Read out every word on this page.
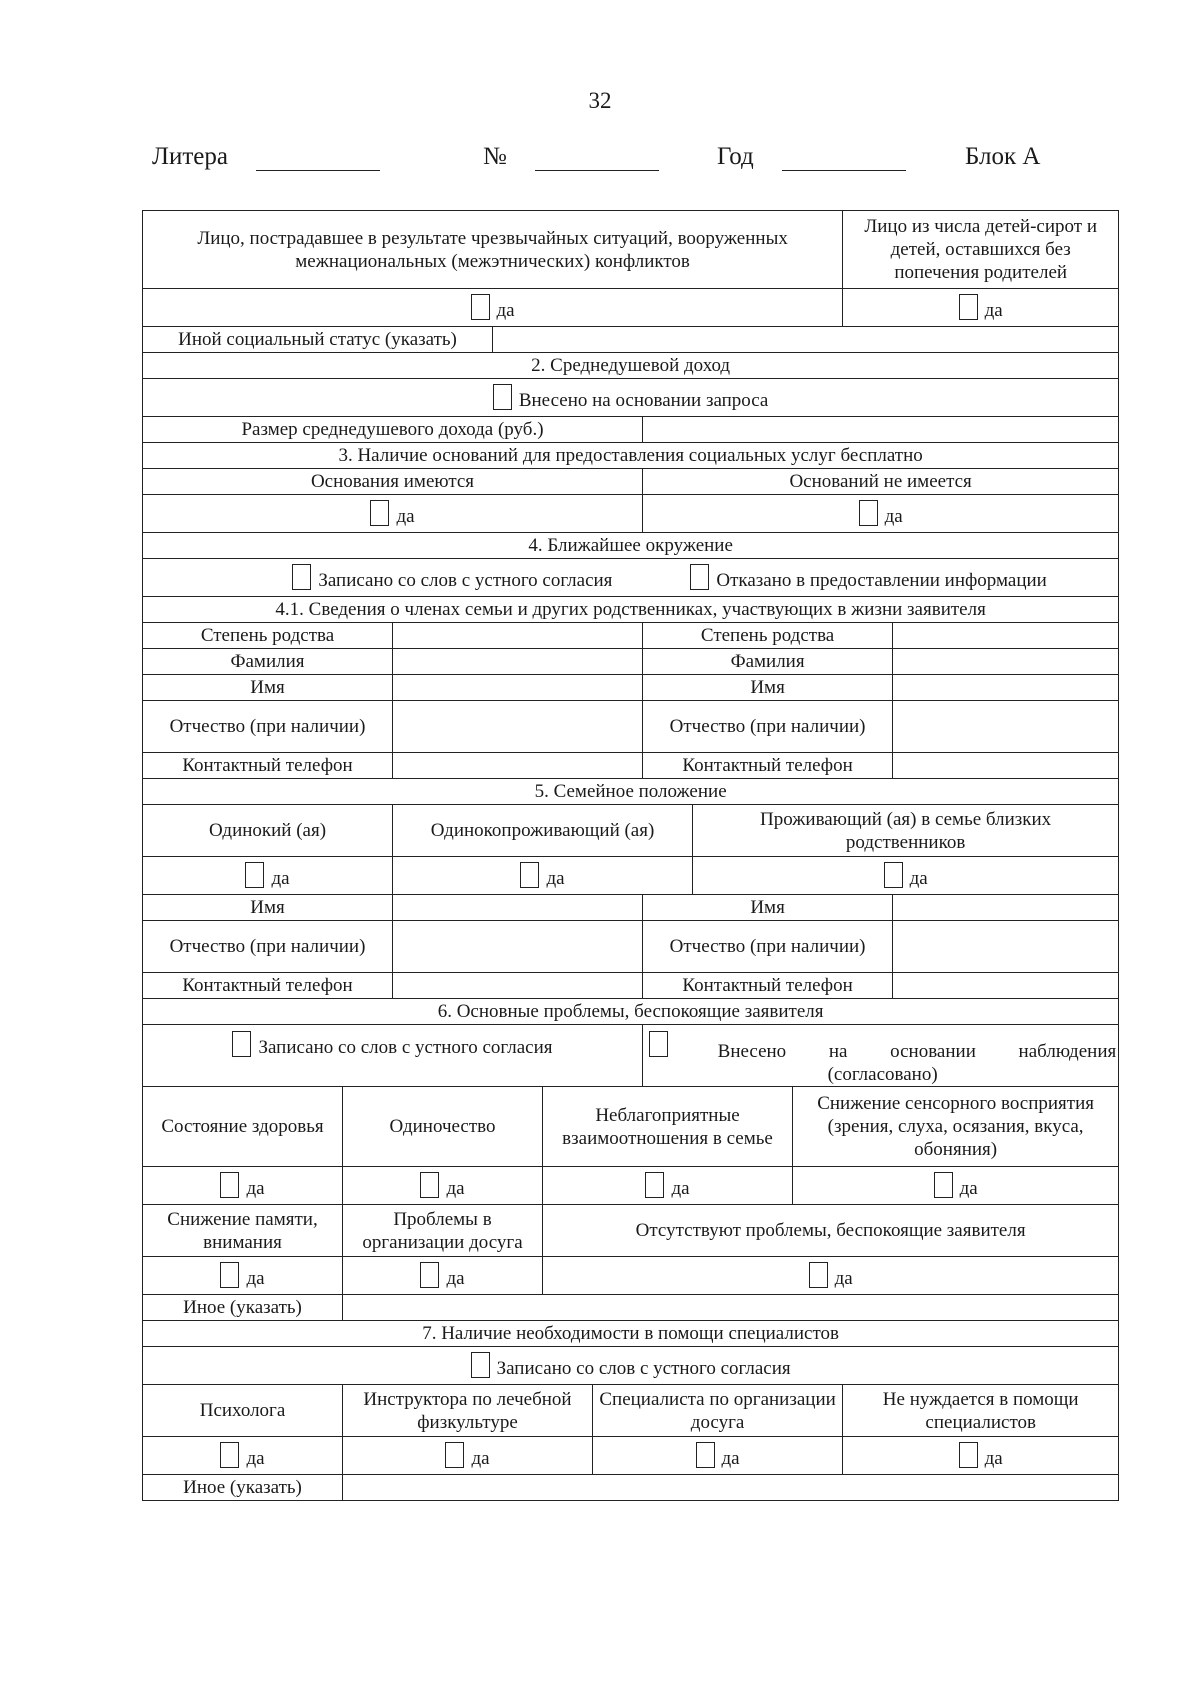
32
Литера	№	Год	Блок А
Лицо, пострадавшее в результате чрезвычайных ситуаций, вооруженных межнациональных (межэтнических) конфликтов									Лицо из числа детей-сирот и детей, оставшихся без попечения родителей	
да									да	
Иной социальный статус (указать)										
2. Среднедушевой доход										
Внесено на основании запроса										
Размер среднедушевого дохода (руб.)										
3. Наличие оснований для предоставления социальных услуг бесплатно										
Основания имеются						Оснований не имеется				
да						да				
4. Ближайшее окружение										
Записано со слов с устного согласия Отказано в предоставлении информации										
4.1. Сведения о членах семьи и других родственниках, участвующих в жизни заявителя										
Степень родства						Степень родства				
Фамилия						Фамилия				
Имя						Имя				
Отчество (при наличии)						Отчество (при наличии)				
Контактный телефон						Контактный телефон				
5. Семейное положение										
Одинокий (ая)		Одинокопроживающий (ая)					Проживающий (ая) в семье близких родственников			
да		да					да			
Имя						Имя				
Отчество (при наличии)						Отчество (при наличии)				
Контактный телефон						Контактный телефон				
6. Основные проблемы, беспокоящие заявителя										
Записано со слов с устного согласия						Внесено на основании наблюдения
(согласовано)				

Состояние здоровья	Одиночество			Неблагоприятные взаимоотношения в семье				Снижение сенсорного восприятия (зрения, слуха, осязания, вкуса, обоняния)		
да	да			да				да		
Снижение памяти, внимания	Проблемы в организации досуга			Отсутствуют проблемы, беспокоящие заявителя						
да	да			да						
Иное (указать)										
7. Наличие необходимости в помощи специалистов										
Записано со слов с устного согласия										
Психолога	Инструктора по лечебной физкультуре				Специалиста по организации досуга				Не нуждается в помощи специалистов	
да	да				да				да	
Иное (указать)										
